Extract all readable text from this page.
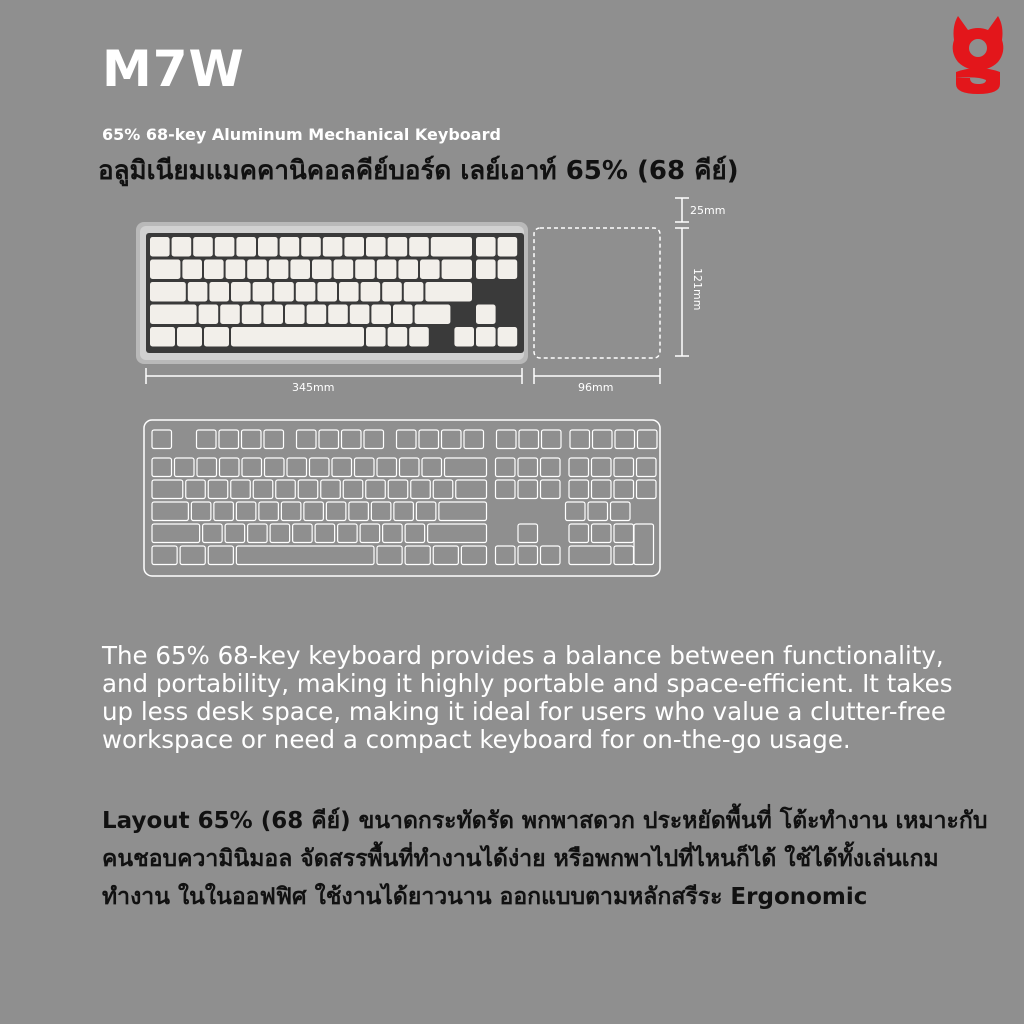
M7W

65% 68-key Aluminum Mechanical Keyboard

อลูมิเนียมแมคคานิคอลคีย์บอร์ด เลย์เอาท์ 65% (68 คีย์)

345mm	96mm
25mm
121mm

The 65% 68-key keyboard provides a balance between functionality, and portability, making it highly portable and space-efficient. It takes up less desk space, making it ideal for users who value a clutter-free workspace or need a compact keyboard for on-the-go usage.

Layout 65% (68 คีย์) ขนาดกระทัดรัด พกพาสดวก ประหยัดพื้นที่ โต้ะทำงาน เหมาะกับ คนชอบความินิมอล จัดสรรพื้นที่ทำงานได้ง่าย หรือพกพาไปที่ไหนก็ได้ ใช้ได้ทั้งเล่นเกม ทำงาน ในในออฟฟิศ ใช้งานได้ยาวนาน ออกแบบตามหลักสรีระ Ergonomic
